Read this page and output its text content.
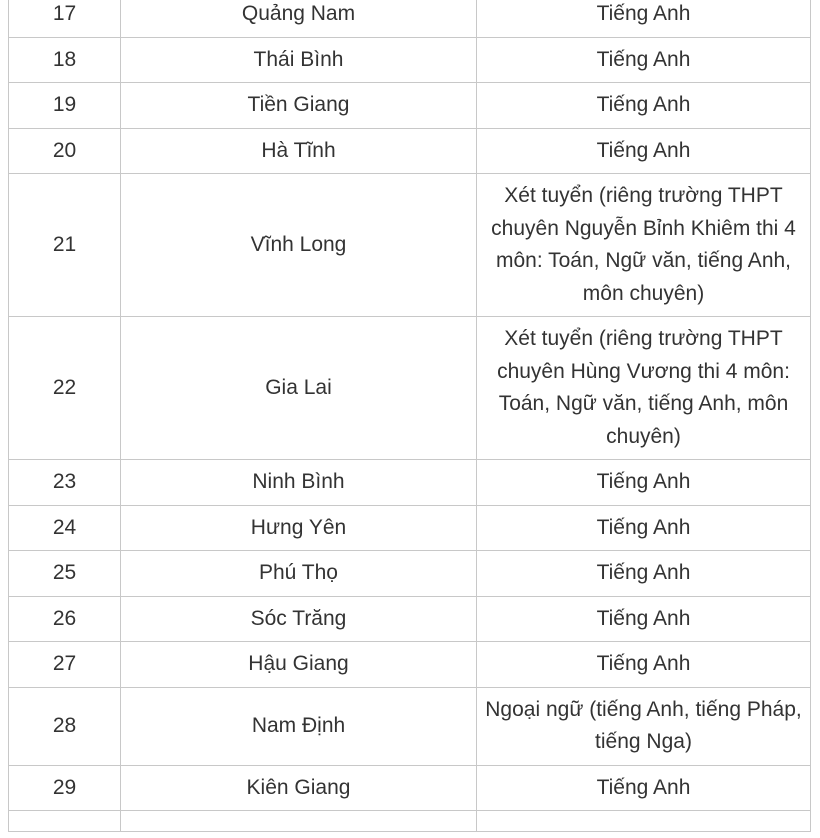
17	Quảng Nam	Tiếng Anh
18	Thái Bình	Tiếng Anh
19	Tiền Giang	Tiếng Anh
20	Hà Tĩnh	Tiếng Anh
21	Vĩnh Long	Xét tuyển (riêng trường THPT chuyên Nguyễn Bỉnh Khiêm thi 4 môn: Toán, Ngữ văn, tiếng Anh, môn chuyên)
22	Gia Lai	Xét tuyển (riêng trường THPT chuyên Hùng Vương thi 4 môn: Toán, Ngữ văn, tiếng Anh, môn chuyên)
23	Ninh Bình	Tiếng Anh
24	Hưng Yên	Tiếng Anh
25	Phú Thọ	Tiếng Anh
26	Sóc Trăng	Tiếng Anh
27	Hậu Giang	Tiếng Anh
28	Nam Định	Ngoại ngữ (tiếng Anh, tiếng Pháp, tiếng Nga)
29	Kiên Giang	Tiếng Anh
